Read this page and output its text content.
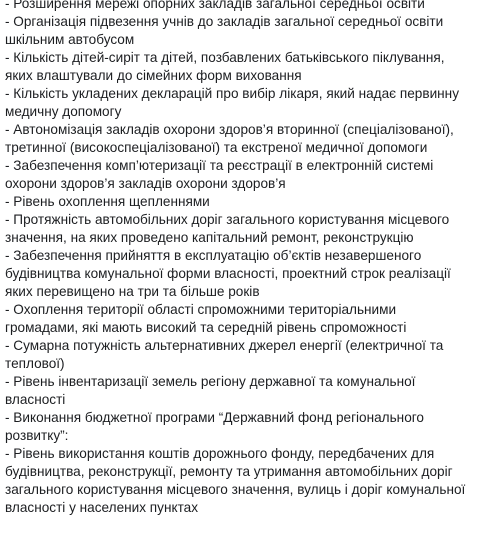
- Розширення мережі опорних закладів загальної середньої освіти

- Організація підвезення учнів до закладів загальної середньої освіти
шкільним автобусом

- Кількість дітей-сиріт та дітей, позбавлених батьківського піклування,
яких влаштували до сімейних форм виховання

- Кількість укладених декларацій про вибір лікаря, який надає первинну
медичну допомогу

- Автономізація закладів охорони здоров’я вторинної (спеціалізованої),
третинної (високоспеціалізованої) та екстреної медичної допомоги

- Забезпечення комп’ютеризації та реєстрації в електронній системі
охорони здоров’я закладів охорони здоров’я

- Рівень охоплення щепленнями

- Протяжність автомобільних доріг загального користування місцевого
значення, на яких проведено капітальний ремонт, реконструкцію

- Забезпечення прийняття в експлуатацію об’єктів незавершеного
будівництва комунальної форми власності, проектний строк реалізації
яких перевищено на три та більше років

- Охоплення території області спроможними територіальними
громадами, які мають високий та середній рівень спроможності

- Сумарна потужність альтернативних джерел енергії (електричної та
теплової)

- Рівень інвентаризації земель регіону державної та комунальної
власності

- Виконання бюджетної програми “Державний фонд регіонального
розвитку”:

- Рівень використання коштів дорожнього фонду, передбачених для
будівництва, реконструкції, ремонту та утримання автомобільних доріг
загального користування місцевого значення, вулиць і доріг комунальної
власності у населених пунктах
